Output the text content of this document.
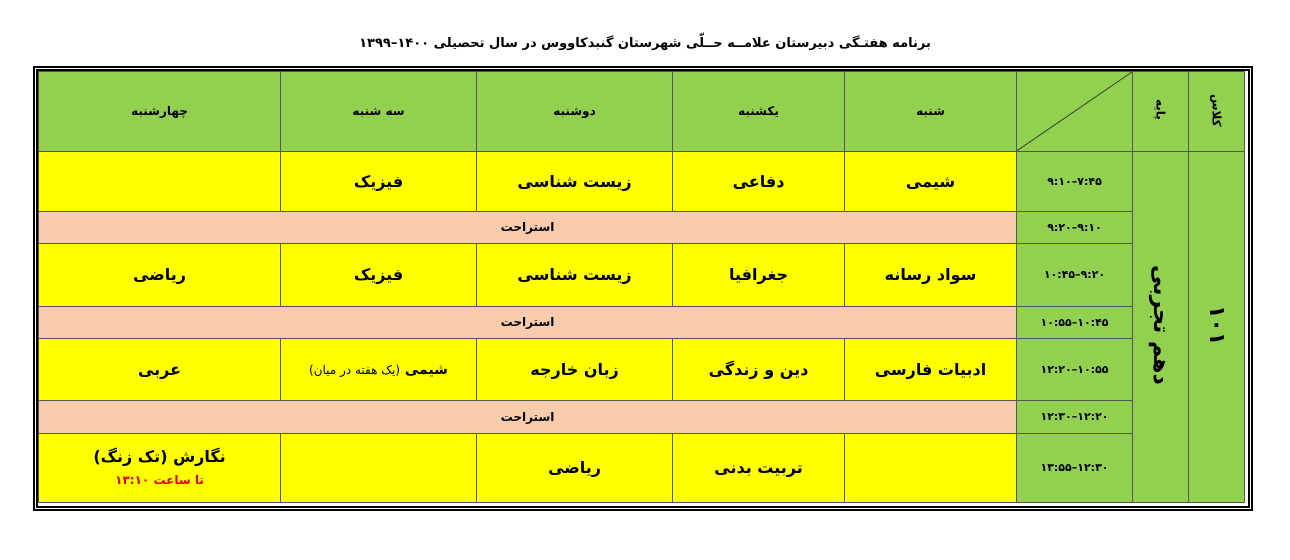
برنامه هفتـگی دبیرستان علامــه حــلّی شهرستان گنبدکاووس در سال تحصیلی ۱۴۰۰–۱۳۹۹
کلاس	پایه		شنبه	یکشنبه	دوشنبه	سه شنبه	چهارشنبه
۱۰۱	دهم تجربی	۹:۱۰–۷:۴۵	شیمی	دفاعی	زیست شناسی	فیزیک	
		۹:۲۰–۹:۱۰	استراحت				
		۱۰:۴۵–۹:۲۰	سواد رسانه	جغرافیا	زیست شناسی	فیزیک	ریاضی
		۱۰:۵۵–۱۰:۴۵	استراحت				
		۱۲:۲۰–۱۰:۵۵	ادبیات فارسی	دین و زندگی	زبان خارجه	شیمی (یک هفته در میان)	عربی
		۱۲:۳۰–۱۲:۲۰	استراحت				
		۱۳:۵۵–۱۲:۳۰		تربیت بدنی	ریاضی		نگارش (تک زنگ)
تا ساعت ۱۳:۱۰
